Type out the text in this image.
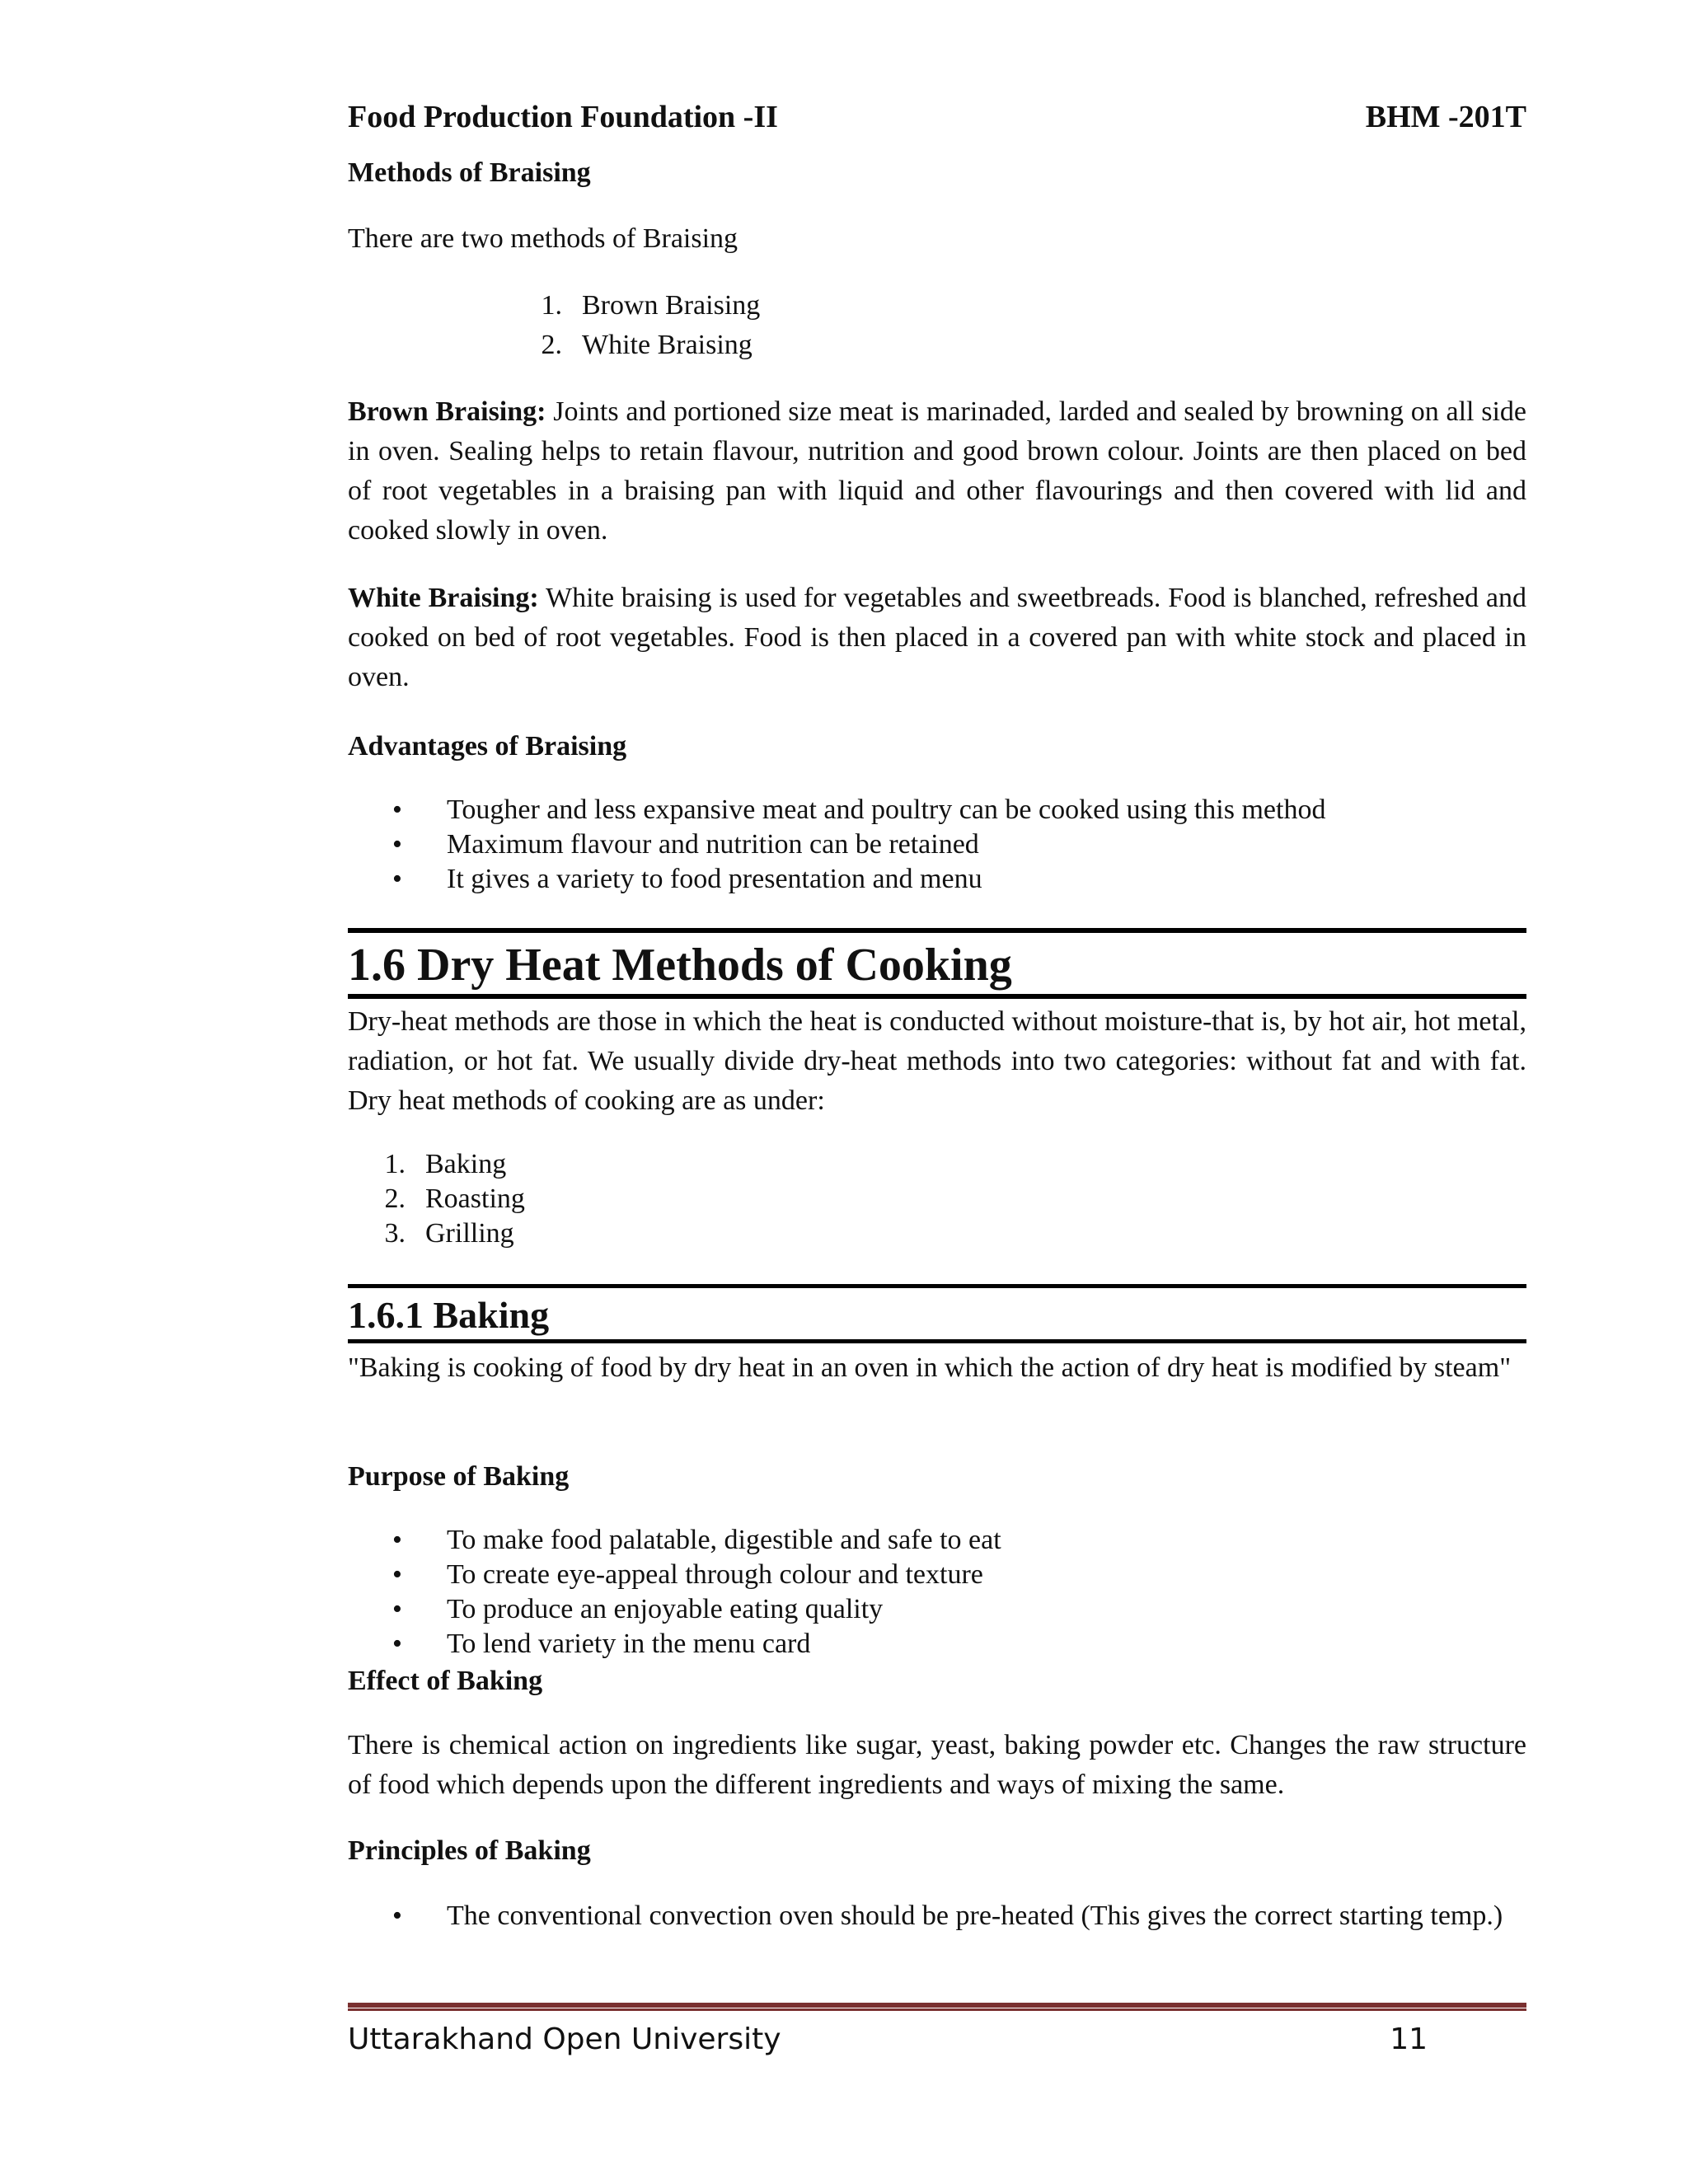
Food Production Foundation -II	BHM -201T

Methods of Braising

There are two methods of Braising

1. Brown Braising
2. White Braising

Brown Braising: Joints and portioned size meat is marinaded, larded and sealed by browning on all side in oven. Sealing helps to retain flavour, nutrition and good brown colour. Joints are then placed on bed of root vegetables in a braising pan with liquid and other flavourings and then covered with lid and cooked slowly in oven.

White Braising: White braising is used for vegetables and sweetbreads. Food is blanched, refreshed and cooked on bed of root vegetables. Food is then placed in a covered pan with white stock and placed in oven.

Advantages of Braising

•	Tougher and less expansive meat and poultry can be cooked using this method
•	Maximum flavour and nutrition can be retained
•	It gives a variety to food presentation and menu
1.6 Dry Heat Methods of Cooking

Dry-heat methods are those in which the heat is conducted without moisture-that is, by hot air, hot metal, radiation, or hot fat. We usually divide dry-heat methods into two categories: without fat and with fat. Dry heat methods of cooking are as under:

1. Baking
2. Roasting
3. Grilling
1.6.1 Baking

"Baking is cooking of food by dry heat in an oven in which the action of dry heat is modified by steam"

Purpose of Baking

•	To make food palatable, digestible and safe to eat
•	To create eye-appeal through colour and texture
•	To produce an enjoyable eating quality
•	To lend variety in the menu card

Effect of Baking

There is chemical action on ingredients like sugar, yeast, baking powder etc. Changes the raw structure of food which depends upon the different ingredients and ways of mixing the same.

Principles of Baking

•	The conventional convection oven should be pre-heated (This gives the correct starting temp.)
Uttarakhand Open University	11
